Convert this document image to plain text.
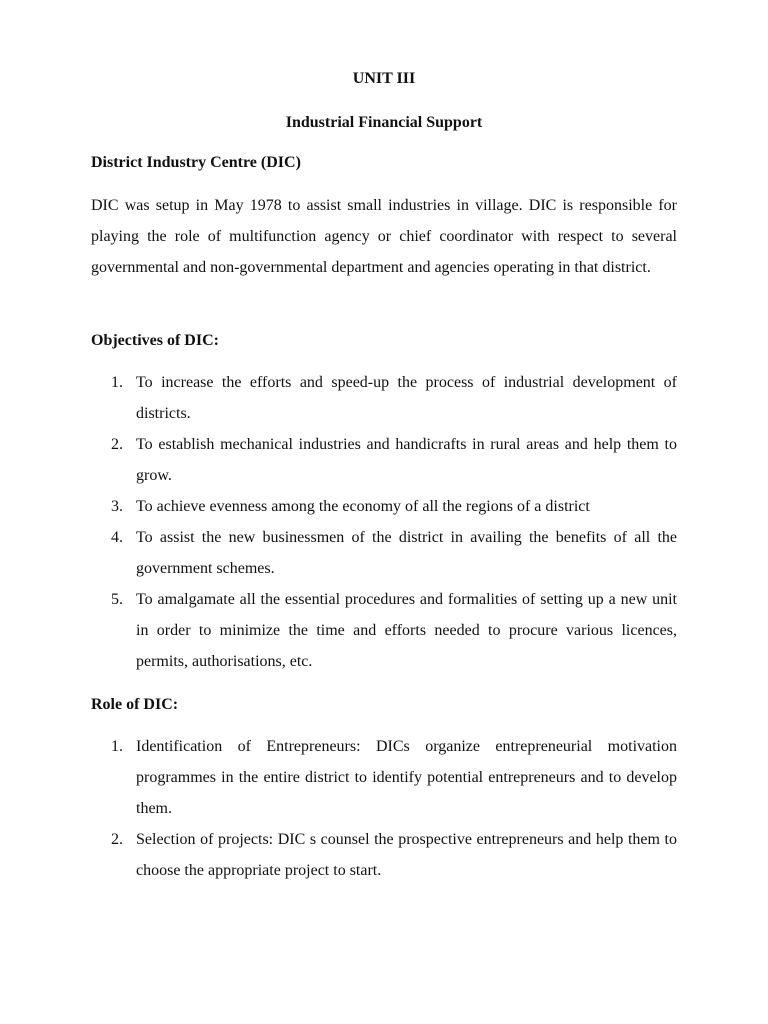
UNIT III
Industrial Financial Support
District Industry Centre (DIC)
DIC was setup in May 1978 to assist small industries in village. DIC is responsible for playing the role of multifunction agency or chief coordinator with respect to several governmental and non-governmental department and agencies operating in that district.
Objectives of DIC:
1. To increase the efforts and speed-up the process of industrial development of districts.
2. To establish mechanical industries and handicrafts in rural areas and help them to grow.
3. To achieve evenness among the economy of all the regions of a district
4. To assist the new businessmen of the district in availing the benefits of all the government schemes.
5. To amalgamate all the essential procedures and formalities of setting up a new unit in order to minimize the time and efforts needed to procure various licences, permits, authorisations, etc.
Role of DIC:
1. Identification of Entrepreneurs: DICs organize entrepreneurial motivation programmes in the entire district to identify potential entrepreneurs and to develop them.
2. Selection of projects: DIC s counsel the prospective entrepreneurs and help them to choose the appropriate project to start.
